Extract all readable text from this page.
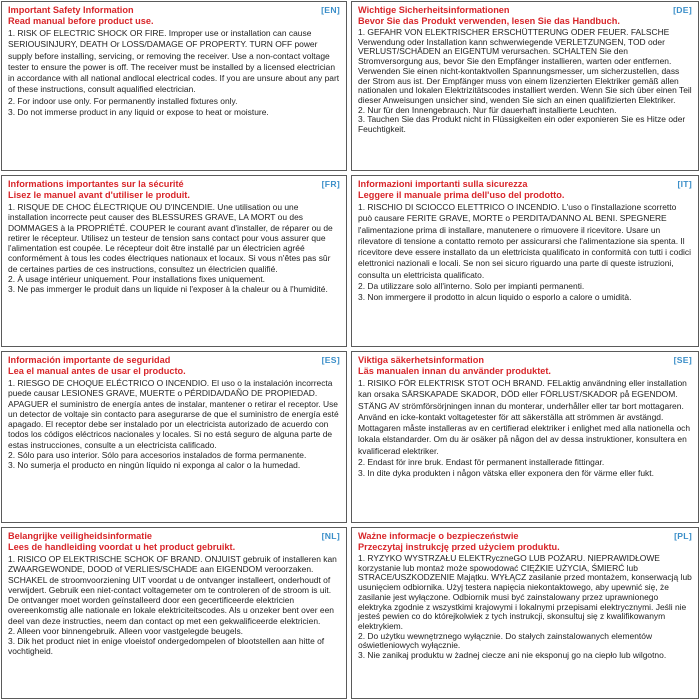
Important Safety Information	[EN]
Read manual before product use.

1. RISK OF ELECTRIC SHOCK OR FIRE. Improper use or installation can cause SERIOUSINJURY, DEATH Or LOSS/DAMAGE OF PROPERTY. TURN OFF power supply before installing, servicing, or removing the receiver. Use a non-contact voltage tester to ensure the power is off. The receiver must be installed by a licensed electrician in accordance with all national andlocal electrical codes. If you are unsure about any part of these instructions, consult aqualified electrician.

2. For indoor use only. For permanently installed fixtures only.

3. Do not immerse product in any liquid or expose to heat or moisture.

Wichtige Sicherheitsinformationen	[DE]
Bevor Sie das Produkt verwenden, lesen Sie das Handbuch.

1. GEFAHR VON ELEKTRISCHER ERSCHÜTTERUNG ODER FEUER. FALSCHE Verwendung oder Installation kann schwerwiegende VERLETZUNGEN, TOD oder VERLUST/SCHÄDEN an EIGENTUM verursachen. SCHALTEN Sie den Stromversorgung aus, bevor Sie den Empfänger installieren, warten oder entfernen. Verwenden Sie einen nicht-kontaktvollen Spannungsmesser, um sicherzustellen, dass der Strom aus ist. Der Empfänger muss von einem lizenzierten Elektriker gemäß allen nationalen und lokalen Elektrizitätscodes installiert werden. Wenn Sie sich über einen Teil dieser Anweisungen unsicher sind, wenden Sie sich an einen qualifizierten Elektriker.

2. Nur für den Innengebrauch. Nur für dauerhaft installierte Leuchten.

3. Tauchen Sie das Produkt nicht in Flüssigkeiten ein oder exponieren Sie es Hitze oder Feuchtigkeit.

Informations importantes sur la sécurité	[FR]
Lisez le manuel avant d'utiliser le produit.

1. RISQUE DE CHOC ÉLECTRIQUE OU D'INCENDIE. Une utilisation ou une installation incorrecte peut causer des BLESSURES GRAVE, LA MORT ou des DOMMAGES à la PROPRIÉTÉ. COUPER le courant avant d'installer, de réparer ou de retirer le récepteur. Utilisez un testeur de tension sans contact pour vous assurer que l'alimentation est coupée. Le récepteur doit être installé par un électricien agréé conformément à tous les codes électriques nationaux et locaux. Si vous n'êtes pas sûr de certaines parties de ces instructions, consultez un électricien qualifié.

2. À usage intérieur uniquement. Pour installations fixes uniquement.

3. Ne pas immerger le produit dans un liquide ni l'exposer à la chaleur ou à l'humidité.

Informazioni importanti sulla sicurezza	[IT]
Leggere il manuale prima dell'uso del prodotto.

1. RISCHIO DI SCIOCCO ELETTRICO O INCENDIO. L'uso o l'installazione scorretto può causare FERITE GRAVE, MORTE o PERDITA/DANNO AL BENI. SPEGNERE l'alimentazione prima di installare, manutenere o rimuovere il ricevitore. Usare un rilevatore di tensione a contatto remoto per assicurarsi che l'alimentazione sia spenta. Il ricevitore deve essere installato da un elettricista qualificato in conformità con tutti i codici elettronici nazionali e locali. Se non sei sicuro riguardo una parte di queste istruzioni, consulta un elettricista qualificato.

2. Da utilizzare solo all'interno. Solo per impianti permanenti.

3. Non immergere il prodotto in alcun liquido o esporlo a calore o umidità.

Información importante de seguridad	[ES]
Lea el manual antes de usar el producto.

1. RIESGO DE CHOQUE ELÉCTRICO O INCENDIO. El uso o la instalación incorrecta puede causar LESIONES GRAVE, MUERTE o PÉRDIDA/DAÑO DE PROPIEDAD. APAGUER el suministro de energía antes de instalar, mantener o retirar el receptor. Use un detector de voltaje sin contacto para asegurarse de que el suministro de energía esté apagado. El receptor debe ser instalado por un electricista autorizado de acuerdo con todos los códigos eléctricos nacionales y locales. Si no está seguro de alguna parte de estas instrucciones, consulte a un electricista calificado.

2. Sólo para uso interior. Sólo para accesorios instalados de forma permanente.

3. No sumerja el producto en ningún líquido ni exponga al calor o la humedad.

Viktiga säkerhetsinformation	[SE]
Läs manualen innan du använder produktet.

1. RISIKO FÖR ELEKTRISK STOT OCH BRAND. FELaktig användning eller installation kan orsaka SÄRSKAPADE SKADOR, DÖD eller FÖRLUST/SKADOR på EGENDOM. STÄNG AV strömförsörjningen innan du monterar, underhåller eller tar bort mottagaren. Använd en icke-kontakt voltagetester för att säkerställa att strömmen är avstängd. Mottagaren måste installeras av en certifierad elektriker i enlighet med alla nationella och lokala elstandarder. Om du är osäker på någon del av dessa instruktioner, konsultera en kvalificerad elektriker.

2. Endast för inre bruk. Endast för permanent installerade fittingar.

3. In dite dyka produkten i någon vätska eller exponera den för värme eller fukt.

Belangrijke veiligheidsinformatie	[NL]
Lees de handleiding voordat u het product gebruikt.

1. RISICO OP ELEKTRISCHE SCHOK OF BRAND. ONJUIST gebruik of installeren kan ZWAARGEWONDE, DOOD of VERLIES/SCHADE aan EIGENDOM veroorzaken. SCHAKEL de stroomvoorziening UIT voordat u de ontvanger installeert, onderhoudt of verwijdert. Gebruik een niet-contact voltagemeter om te controleren of de stroom is uit. De ontvanger moet worden geïnstalleerd door een gecertificeerde elektricien overeenkomstig alle nationale en lokale elektriciteitscodes. Als u onzeker bent over een deel van deze instructies, neem dan contact op met een gekwalificeerde elektricien.

2. Alleen voor binnengebruik. Alleen voor vastgelegde beugels.

3. Dik het product niet in enige vloeistof ondergedompelen of blootstellen aan hitte of vochtigheid.

Ważne informacje o bezpieczeństwie	[PL]
Przeczytaj instrukcję przed użyciem produktu.

1. RYZYKO WYSTRZAŁU ELEKTRycznеGO LUB POŻARU. NIEPRAWIDŁOWE korzystanie lub montaż może spowodować CIĘŻKIE UŻYCIA, ŚMIERĆ lub STRACE/USZKODZENIE Majątku. WYŁĄCZ zasilanie przed montażem, konserwacją lub usunięciem odbiornika. Użyj testera napięcia niekontaktowego, aby upewnić się, że zasilanie jest wyłączone. Odbiornik musi być zainstalowany przez uprawnionego elektryka zgodnie z wszystkimi krajowymi i lokalnymi przepisami elektrycznymi. Jeśli nie jesteś pewien co do którejkolwiek z tych instrukcji, skonsultuj się z kwalifikowanym elektrykiem.

2. Do użytku wewnętrznego wyłącznie. Do stałych zainstalowanych elementów oświetleniowych wyłącznie.

3. Nie zanikaj produktu w żadnej ciecze ani nie eksponuj go na ciepło lub wilgotno.
